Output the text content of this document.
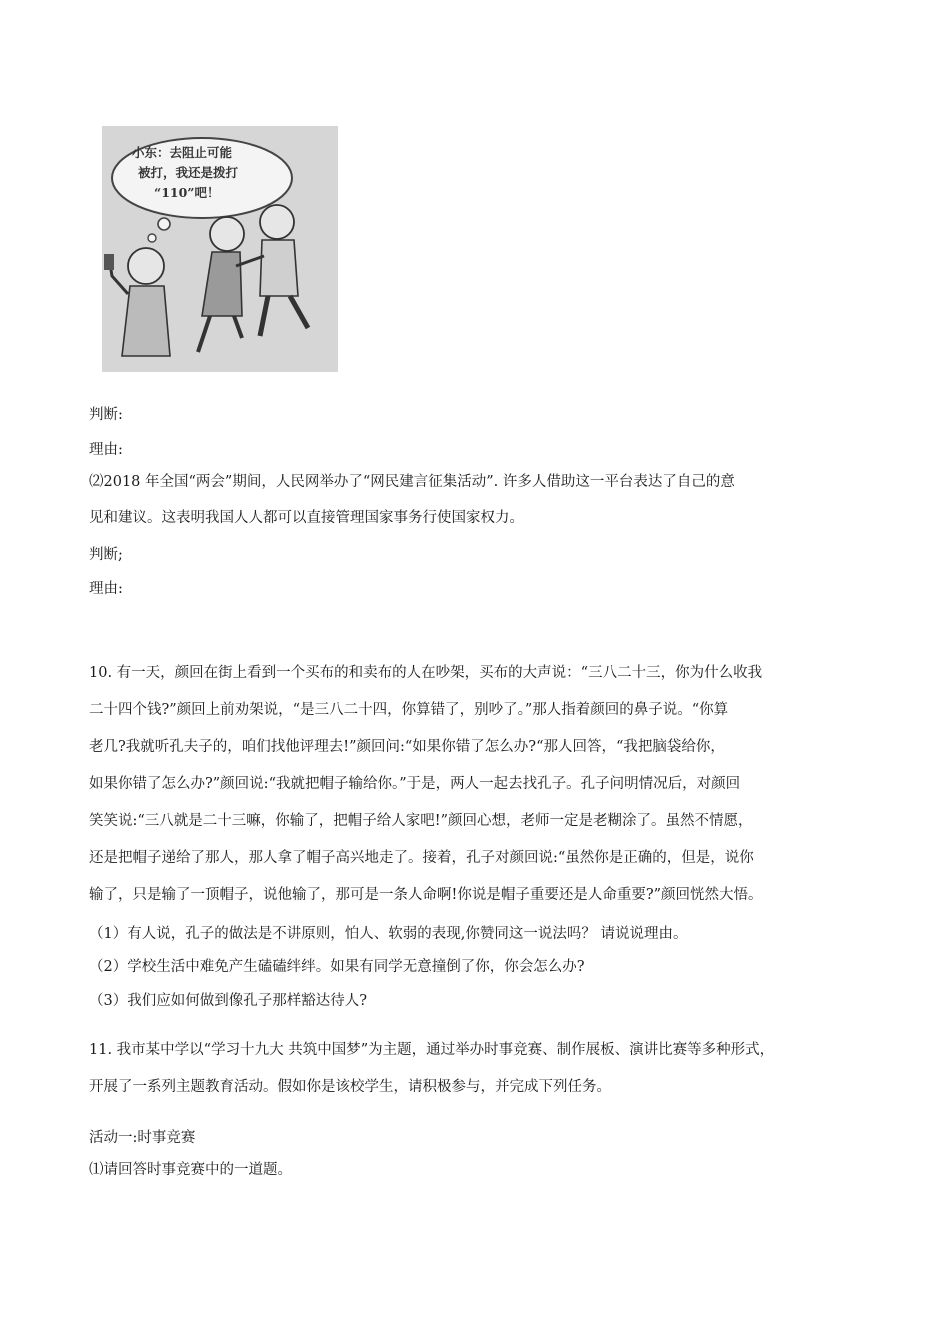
小东：去阻止可能
被打，我还是拨打
“110”吧！
判断:
理由:
⑵2018 年全国“两会”期间，人民网举办了“网民建言征集活动”. 许多人借助这一平台表达了自己的意
见和建议。这表明我国人人都可以直接管理国家事务行使国家权力。
判断;
理由:
10. 有一天，颜回在街上看到一个买布的和卖布的人在吵架，买布的大声说：“三八二十三，你为什么收我
二十四个钱?”颜回上前劝架说，“是三八二十四，你算错了，别吵了。”那人指着颜回的鼻子说。“你算
老几?我就听孔夫子的，咱们找他评理去!”颜回问:“如果你错了怎么办?“那人回答，“我把脑袋给你，
如果你错了怎么办?”颜回说:“我就把帽子输给你。”于是，两人一起去找孔子。孔子问明情况后，对颜回
笑笑说:“三八就是二十三嘛，你输了，把帽子给人家吧!”颜回心想，老师一定是老糊涂了。虽然不情愿，
还是把帽子递给了那人，那人拿了帽子高兴地走了。接着，孔子对颜回说:“虽然你是正确的，但是，说你
输了，只是输了一顶帽子，说他输了，那可是一条人命啊!你说是帽子重要还是人命重要?”颜回恍然大悟。
（1）有人说，孔子的做法是不讲原则，怕人、软弱的表现,你赞同这一说法吗？ 请说说理由。
（2）学校生活中难免产生磕磕绊绊。如果有同学无意撞倒了你，你会怎么办?
（3）我们应如何做到像孔子那样豁达待人?
11. 我市某中学以“学习十九大 共筑中国梦”为主题，通过举办时事竞赛、制作展板、演讲比赛等多种形式，
开展了一系列主题教育活动。假如你是该校学生，请积极参与，并完成下列任务。
活动一:时事竞赛
⑴请回答时事竞赛中的一道题。
